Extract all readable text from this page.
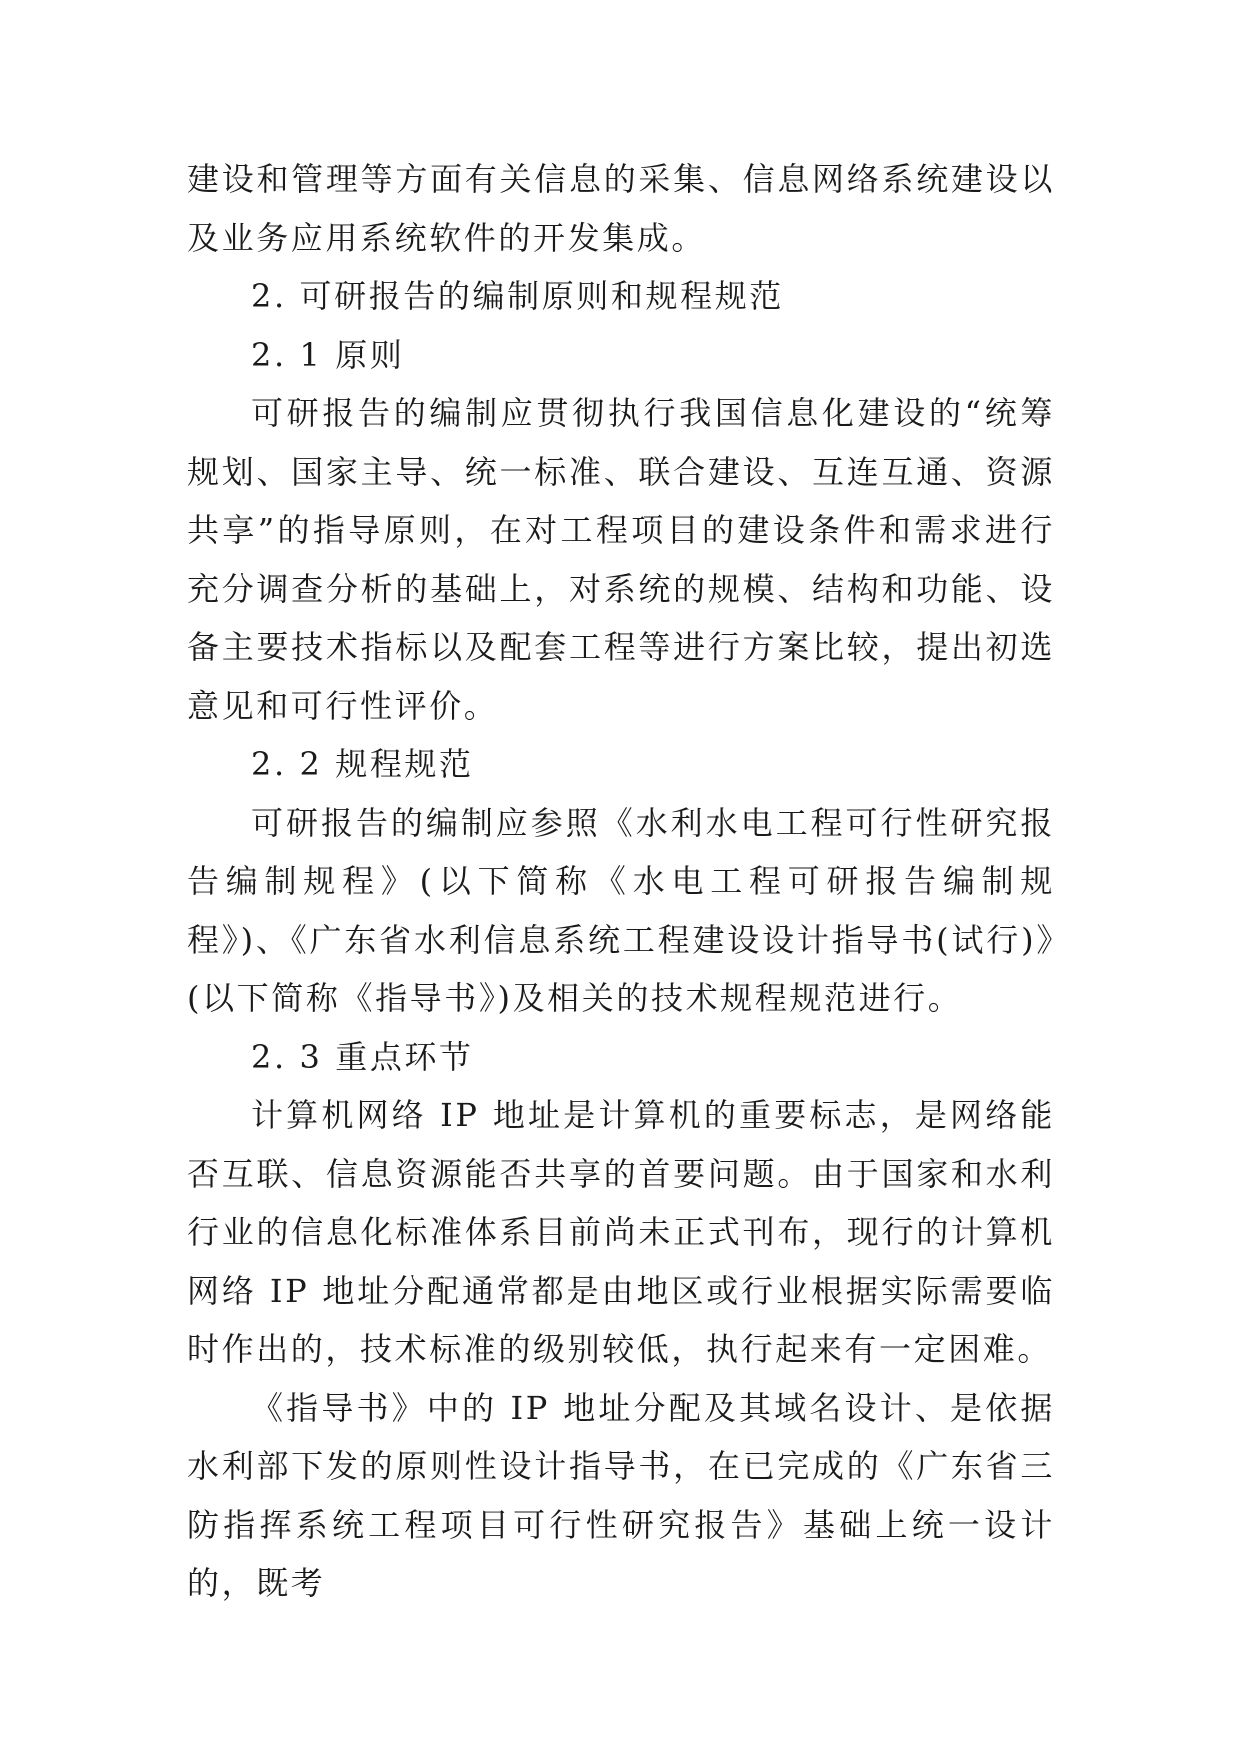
建设和管理等方面有关信息的采集、信息网络系统建设以及业务应用系统软件的开发集成。

2. 可研报告的编制原则和规程规范

2. 1 原则

可研报告的编制应贯彻执行我国信息化建设的“统筹规划、国家主导、统一标准、联合建设、互连互通、资源共享”的指导原则，在对工程项目的建设条件和需求进行充分调查分析的基础上，对系统的规模、结构和功能、设备主要技术指标以及配套工程等进行方案比较，提出初选意见和可行性评价。

2. 2 规程规范

可研报告的编制应参照《水利水电工程可行性研究报告编制规程》(以下简称《水电工程可研报告编制规程》)、《广东省水利信息系统工程建设设计指导书(试行)》(以下简称《指导书》)及相关的技术规程规范进行。

2. 3 重点环节

计算机网络 IP 地址是计算机的重要标志，是网络能否互联、信息资源能否共享的首要问题。由于国家和水利行业的信息化标准体系目前尚未正式刊布，现行的计算机网络 IP 地址分配通常都是由地区或行业根据实际需要临时作出的，技术标准的级别较低，执行起来有一定困难。

《指导书》中的 IP 地址分配及其域名设计、是依据水利部下发的原则性设计指导书，在已完成的《广东省三防指挥系统工程项目可行性研究报告》基础上统一设计的，既考
